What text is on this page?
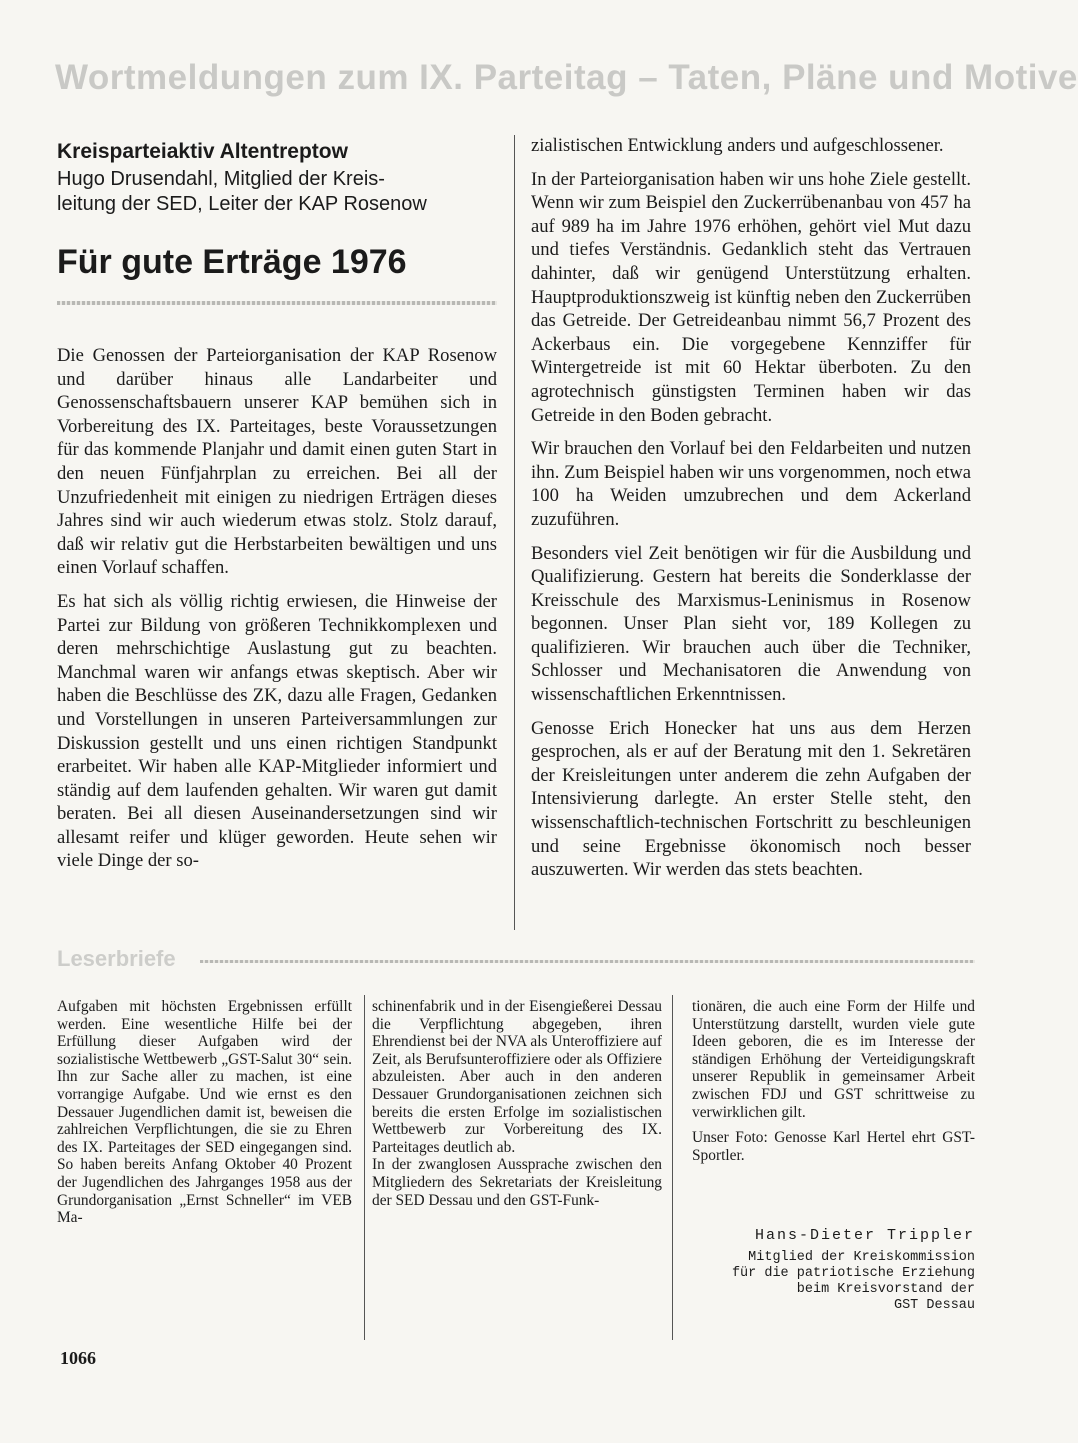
Wortmeldungen zum IX. Parteitag – Taten, Pläne und Motive
Kreisparteiaktiv Altentreptow
Hugo Drusendahl, Mitglied der Kreis-
leitung der SED, Leiter der KAP Rosenow
Für gute Erträge 1976

Die Genossen der Parteiorganisation der KAP Rosenow und darüber hinaus alle Landarbeiter und Genossenschaftsbauern unserer KAP bemühen sich in Vorbereitung des IX. Parteitages, beste Voraussetzungen für das kommende Planjahr und damit einen guten Start in den neuen Fünfjahrplan zu erreichen. Bei all der Unzufriedenheit mit einigen zu niedrigen Erträgen dieses Jahres sind wir auch wiederum etwas stolz. Stolz darauf, daß wir relativ gut die Herbstarbeiten bewältigen und uns einen Vorlauf schaffen.

Es hat sich als völlig richtig erwiesen, die Hinweise der Partei zur Bildung von größeren Technikkomplexen und deren mehrschichtige Auslastung gut zu beachten. Manchmal waren wir anfangs etwas skeptisch. Aber wir haben die Beschlüsse des ZK, dazu alle Fragen, Gedanken und Vorstellungen in unseren Parteiversammlungen zur Diskussion gestellt und uns einen richtigen Standpunkt erarbeitet. Wir haben alle KAP-Mitglieder informiert und ständig auf dem laufenden gehalten. Wir waren gut damit beraten. Bei all diesen Auseinandersetzungen sind wir allesamt reifer und klüger geworden. Heute sehen wir viele Dinge der so-

zialistischen Entwicklung anders und aufgeschlossener.

In der Parteiorganisation haben wir uns hohe Ziele gestellt. Wenn wir zum Beispiel den Zuckerrübenanbau von 457 ha auf 989 ha im Jahre 1976 erhöhen, gehört viel Mut dazu und tiefes Verständnis. Gedanklich steht das Vertrauen dahinter, daß wir genügend Unterstützung erhalten. Hauptproduktionszweig ist künftig neben den Zuckerrüben das Getreide. Der Getreideanbau nimmt 56,7 Prozent des Ackerbaus ein. Die vorgegebene Kennziffer für Wintergetreide ist mit 60 Hektar überboten. Zu den agrotechnisch günstigsten Terminen haben wir das Getreide in den Boden gebracht.

Wir brauchen den Vorlauf bei den Feldarbeiten und nutzen ihn. Zum Beispiel haben wir uns vorgenommen, noch etwa 100 ha Weiden umzubrechen und dem Ackerland zuzuführen.

Besonders viel Zeit benötigen wir für die Ausbildung und Qualifizierung. Gestern hat bereits die Sonderklasse der Kreisschule des Marxismus-Leninismus in Rosenow begonnen. Unser Plan sieht vor, 189 Kollegen zu qualifizieren. Wir brauchen auch über die Techniker, Schlosser und Mechanisatoren die Anwendung von wissenschaftlichen Erkenntnissen.

Genosse Erich Honecker hat uns aus dem Herzen gesprochen, als er auf der Beratung mit den 1. Sekretären der Kreisleitungen unter anderem die zehn Aufgaben der Intensivierung darlegte. An erster Stelle steht, den wissenschaftlich-technischen Fortschritt zu beschleunigen und seine Ergebnisse ökonomisch noch besser auszuwerten. Wir werden das stets beachten.

Leserbriefe

Aufgaben mit höchsten Ergebnissen erfüllt werden. Eine wesentliche Hilfe bei der Erfüllung dieser Aufgaben wird der sozialistische Wettbewerb „GST-Salut 30“ sein. Ihn zur Sache aller zu machen, ist eine vorrangige Aufgabe. Und wie ernst es den Dessauer Jugendlichen damit ist, beweisen die zahlreichen Verpflichtungen, die sie zu Ehren des IX. Parteitages der SED eingegangen sind. So haben bereits Anfang Oktober 40 Prozent der Jugendlichen des Jahrganges 1958 aus der Grundorganisation „Ernst Schneller“ im VEB Ma-

schinenfabrik und in der Eisengießerei Dessau die Verpflichtung abgegeben, ihren Ehrendienst bei der NVA als Unteroffiziere auf Zeit, als Berufsunteroffiziere oder als Offiziere abzuleisten. Aber auch in den anderen Dessauer Grundorganisationen zeichnen sich bereits die ersten Erfolge im sozialistischen Wettbewerb zur Vorbereitung des IX. Parteitages deutlich ab.

In der zwanglosen Aussprache zwischen den Mitgliedern des Sekretariats der Kreisleitung der SED Dessau und den GST-Funk-

tionären, die auch eine Form der Hilfe und Unterstützung darstellt, wurden viele gute Ideen geboren, die es im Interesse der ständigen Erhöhung der Verteidigungskraft unserer Republik in gemeinsamer Arbeit zwischen FDJ und GST schrittweise zu verwirklichen gilt.

Unser Foto: Genosse Karl Hertel ehrt GST-Sportler.

Hans-Dieter Trippler
Mitglied der Kreiskommission
für die patriotische Erziehung
beim Kreisvorstand der
GST Dessau
1066
